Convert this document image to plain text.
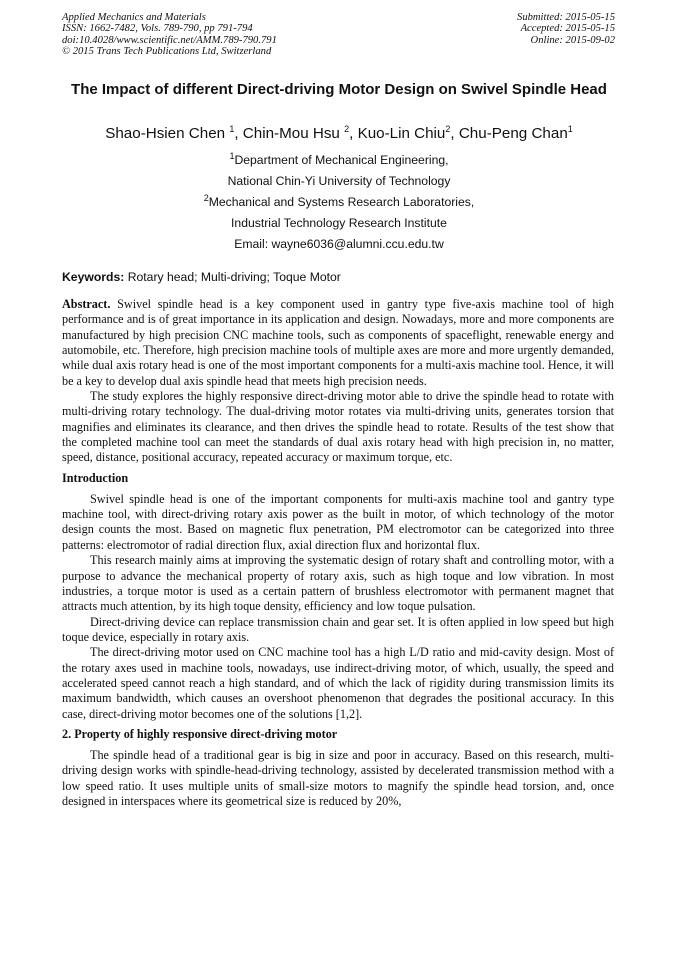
Applied Mechanics and Materials
ISSN: 1662-7482, Vols. 789-790, pp 791-794
doi:10.4028/www.scientific.net/AMM.789-790.791
© 2015 Trans Tech Publications Ltd, Switzerland
Submitted: 2015-05-15
Accepted: 2015-05-15
Online: 2015-09-02
The Impact of different Direct-driving Motor Design on Swivel Spindle Head
Shao-Hsien Chen $^1$, Chin-Mou Hsu $^2$, Kuo-Lin Chiu$^2$, Chu-Peng Chan$^1$
$^1$Department of Mechanical Engineering,
National Chin-Yi University of Technology
$^2$Mechanical and Systems Research Laboratories,
Industrial Technology Research Institute
Email: wayne6036@alumni.ccu.edu.tw
Keywords: Rotary head; Multi-driving; Toque Motor

Abstract. Swivel spindle head is a key component used in gantry type five-axis machine tool of high performance and is of great importance in its application and design. Nowadays, more and more components are manufactured by high precision CNC machine tools, such as components of spaceflight, renewable energy and automobile, etc. Therefore, high precision machine tools of multiple axes are more and more urgently demanded, while dual axis rotary head is one of the most important components for a multi-axis machine tool. Hence, it will be a key to develop dual axis spindle head that meets high precision needs.

The study explores the highly responsive direct-driving motor able to drive the spindle head to rotate with multi-driving rotary technology. The dual-driving motor rotates via multi-driving units, generates torsion that magnifies and eliminates its clearance, and then drives the spindle head to rotate. Results of the test show that the completed machine tool can meet the standards of dual axis rotary head with high precision in, no matter, speed, distance, positional accuracy, repeated accuracy or maximum torque, etc.

Introduction

Swivel spindle head is one of the important components for multi-axis machine tool and gantry type machine tool, with direct-driving rotary axis power as the built in motor, of which technology of the motor design counts the most. Based on magnetic flux penetration, PM electromotor can be categorized into three patterns: electromotor of radial direction flux, axial direction flux and horizontal flux.

This research mainly aims at improving the systematic design of rotary shaft and controlling motor, with a purpose to advance the mechanical property of rotary axis, such as high toque and low vibration. In most industries, a torque motor is used as a certain pattern of brushless electromotor with permanent magnet that attracts much attention, by its high toque density, efficiency and low toque pulsation.

Direct-driving device can replace transmission chain and gear set. It is often applied in low speed but high toque device, especially in rotary axis.

The direct-driving motor used on CNC machine tool has a high L/D ratio and mid-cavity design. Most of the rotary axes used in machine tools, nowadays, use indirect-driving motor, of which, usually, the speed and accelerated speed cannot reach a high standard, and of which the lack of rigidity during transmission limits its maximum bandwidth, which causes an overshoot phenomenon that degrades the positional accuracy. In this case, direct-driving motor becomes one of the solutions [1,2].

2. Property of highly responsive direct-driving motor

The spindle head of a traditional gear is big in size and poor in accuracy. Based on this research, multi-driving design works with spindle-head-driving technology, assisted by decelerated transmission method with a low speed ratio. It uses multiple units of small-size motors to magnify the spindle head torsion, and, once designed in interspaces where its geometrical size is reduced by 20%,
